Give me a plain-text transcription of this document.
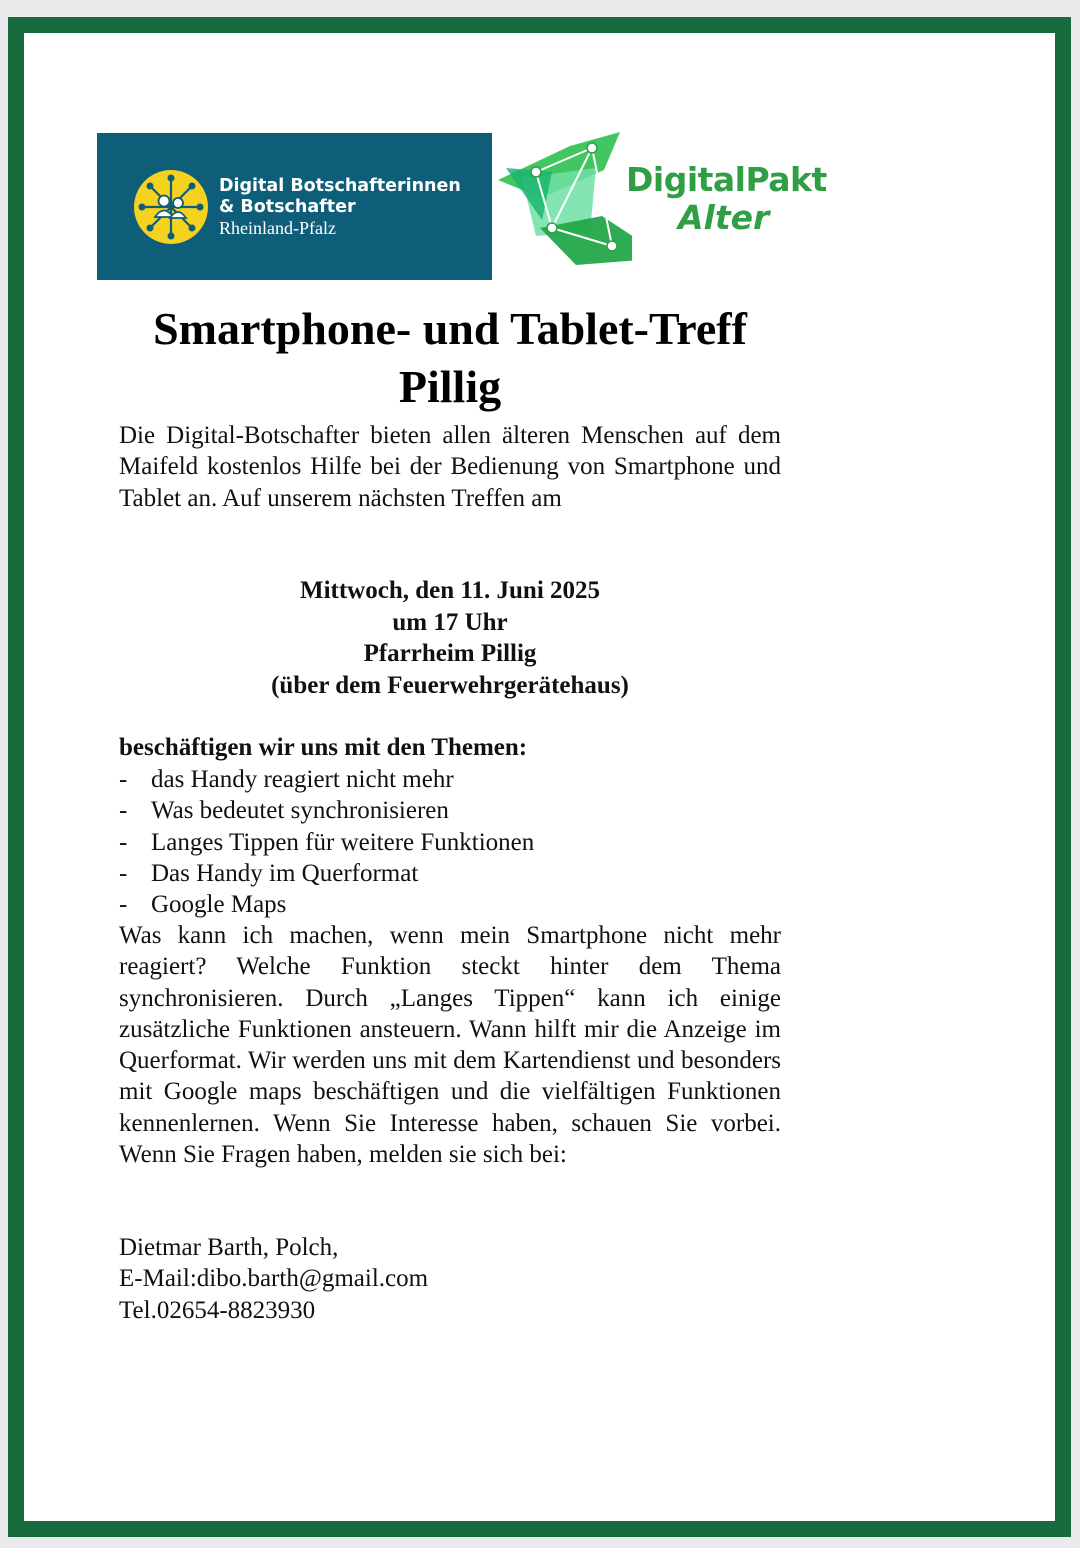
Digital Botschafterinnen
& Botschafter
Rheinland-Pfalz
DigitalPakt
Alter
Smartphone- und Tablet-Treff
Pillig
Die Digital-Botschafter bieten allen älteren Menschen auf dem Maifeld kostenlos Hilfe bei der Bedienung von Smartphone und Tablet an. Auf unserem nächsten Treffen am
Mittwoch, den 11. Juni 2025
um 17 Uhr
Pfarrheim Pillig
(über dem Feuerwehrgerätehaus)
beschäftigen wir uns mit den Themen:
- das Handy reagiert nicht mehr
- Was bedeutet synchronisieren
- Langes Tippen für weitere Funktionen
- Das Handy im Querformat
- Google Maps
Was kann ich machen, wenn mein Smartphone nicht mehr reagiert? Welche Funktion steckt hinter dem Thema synchronisieren. Durch „Langes Tippen“ kann ich einige zusätzliche Funktionen ansteuern. Wann hilft mir die Anzeige im Querformat. Wir werden uns mit dem Kartendienst und besonders mit Google maps beschäftigen und die vielfältigen Funktionen kennenlernen. Wenn Sie Interesse haben, schauen Sie vorbei. Wenn Sie Fragen haben, melden sie sich bei:
Dietmar Barth, Polch,
E-Mail:dibo.barth@gmail.com
Tel.02654-8823930
